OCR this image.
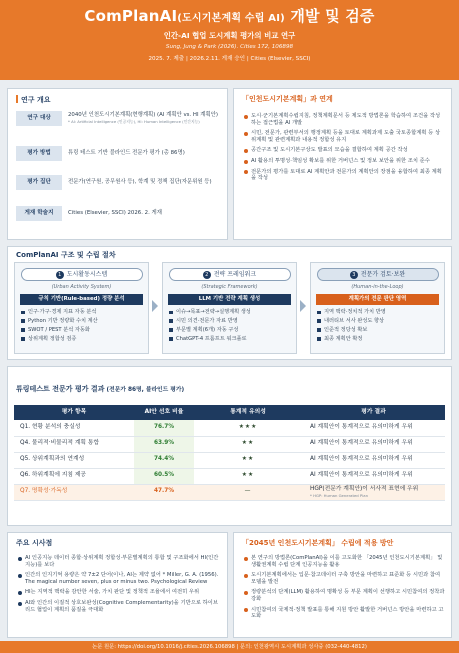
ComPlanAI(도시기본계획 수립 AI) 개발 및 검증
인간-AI 협업 도시계획 평가의 비교 연구
Sung, Jung & Park (2026). Cities 172, 106898
2025. 7. 제출 | 2026.2.11. 게재 승인 | Cities (Elsevier, SSCI)
연구 개요
연구 대상	2040년 인천도시기본계획(현행계획) (AI 계획안 vs. HI 계획안)
* AI: Artificial Intelligence (인공지능), HI: Human Intelligence (인간지능)
평가 방법	튜링 테스트 기반 블라인드 전문가 평가 (총 86명)
평가 집단	전문가(연구원, 공무원사 등), 학계 및 정책 집단(자문위원 등)
게재 학술지	Cities (Elsevier, SSCI) 2026. 2. 게재
「인천도시기본계획」과 연계
도시·군기본계획수립지침, 정책계획문서 등 제도적 방법론을 학습하여 조건을 작성하는 접근법을 AI 개발
시민, 전문가, 관련부서의 행정계획 등을 토대로 계획과제 도출 국토종합계획 등 상위계획 및 관련계획과 내용적 정합성 유지
공간구조 및 도시기본구상도 발표의 모습을 결합하여 계획 공간 작성
AI 활용의 투명성·책임성 확보를 위한 거버넌스 및 정보 보안을 위한 조치 준수
전문가의 평가를 토대로 AI 계획안과 전문가의 계획안의 장점을 융합하여 최종 계획을 작성
ComPlanAI 구조 및 수립 절차
1 도시활동시스템
(Urban Activity System)
규칙 기반(Rule-based) 정량 분석
인구·가구·경제 지표 자동 분석
Python 기반 정량화 수치 계산
SWOT / PEST 분석 자동화
상위계획 정합성 검증
2 전략 프레임워크
(Strategic Framework)
LLM 기반 전략 계획 생성
이슈→목표→전략→실행계획 생성
시민 의견·전문가 자료 반영
부문별 계획(6개) 자동 구성
ChatGPT-4 프롬프트 워크플로
3 전문가 검토·보완
(Human-in-the-Loop)
계획가의 전문 판단 영역
지역 맥락·정치적 가치 반영
내러티브 서사 완성도 향상
인준적 정당성 확보
최종 계획안 확정
튜링테스트 전문가 평가 결과 (전문가 86명, 블라인드 평가)
평가 항목	AI안 선호 비율	통계적 유의성	평가 결과
Q1. 현황 분석의 충실성	76.7%	★★★	AI 계획안이 통계적으로 유의미하게 우위
Q4. 물리적·비물리적 계획 통합	63.9%	★★	AI 계획안이 통계적으로 유의미하게 우위
Q5. 상위계획과의 연계성	74.4%	★★	AI 계획안이 통계적으로 유의미하게 우위
Q6. 하위계획에 지침 제공	60.5%	★★	AI 계획안이 통계적으로 유의미하게 우위
Q7. 명확성·가독성	47.7%	—	HGP(전문가 계획안)이 서사적 표현에 우위
* HGP: Human Generated Plan
주요 시사점
AI 인공지능 데이터 종합·상위계획 정합성·부문별계획의 통합 및 구조화에서 HI(인간지능)를 보다
인간의 인지기억 용량은 약 7±2 단어(이나, AI는 제약 없어 * Miller, G. A. (1956). The magical number seven, plus or minus two. Psychological Review
HI는 지역적 맥락을 감안한 서술, 가치 판단 및 정책적 조율에서 여전히 우위
AI와 인간의 이질적 상호보완성(Cognitive Complementarity)을 기반으로 하이브리드 협업이 계획의 품질을 극대화
「2045년 인천도시기본계획」 수립에 적용 방안
본 연구의 방법론(ComPlanAI)을 이를 고도화한 「2045년 인천도시기본계획」 및 생활권계획 수립 단계 인공지능을 활용
도시기본계획에서는 입문·참고데이터 구축 방안을 마련하고 표준화 등 시민과 참여 모델을 발전
정량분석의 단계(LLM) 활용하여 명확성 등 부문 계획이 선행하고 시민참여의 정착과 강화
시민참여의 국제적·정책 발표를 통해 지원 방안 활발한 거버넌스 방안을 마련하고 고도화
논문 원문: https://doi.org/10.1016/j.cities.2026.106898 | 문의: 인천광역시 도시계획과 성사중 (032-440-4812)
